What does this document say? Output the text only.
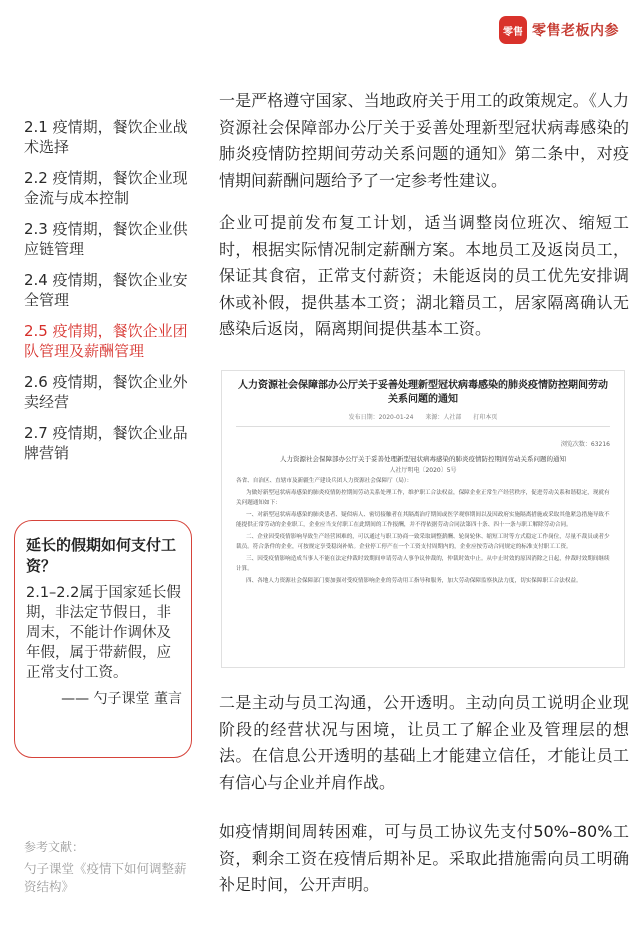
零售 零售老板内参
2.1 疫情期，餐饮企业战术选择
2.2 疫情期，餐饮企业现金流与成本控制
2.3 疫情期，餐饮企业供应链管理
2.4 疫情期，餐饮企业安全管理
2.5 疫情期，餐饮企业团队管理及薪酬管理
2.6 疫情期，餐饮企业外卖经营
2.7 疫情期，餐饮企业品牌营销
延长的假期如何支付工资？
2.1–2.2属于国家延长假期，非法定节假日，非周末，不能计作调休及年假，属于带薪假，应正常支付工资。
—— 勺子课堂 董言
参考文献：
勺子课堂《疫情下如何调整薪资结构》
一是严格遵守国家、当地政府关于用工的政策规定。《人力资源社会保障部办公厅关于妥善处理新型冠状病毒感染的肺炎疫情防控期间劳动关系问题的通知》第二条中，对疫情期间薪酬问题给予了一定参考性建议。
企业可提前发布复工计划，适当调整岗位班次、缩短工时，根据实际情况制定薪酬方案。本地员工及返岗员工，保证其食宿，正常支付薪资；未能返岗的员工优先安排调休或补假，提供基本工资；湖北籍员工，居家隔离确认无感染后返岗，隔离期间提供基本工资。
人力资源社会保障部办公厅关于妥善处理新型冠状病毒感染的肺炎疫情防控期间劳动关系问题的通知
发布日期：2020-01-24　　来源：人社部　　打印本页
浏览次数：63216
人力资源社会保障部办公厅关于妥善处理新型冠状病毒感染的肺炎疫情防控期间劳动关系问题的通知
人社厅明电〔2020〕5号
各省、自治区、直辖市及新疆生产建设兵团人力资源社会保障厅（局）：
为做好新型冠状病毒感染的肺炎疫情防控期间劳动关系处理工作，维护职工合法权益，保障企业正常生产经营秩序，促进劳动关系和谐稳定，现就有关问题通知如下：
一、对新型冠状病毒感染的肺炎患者、疑似病人、密切接触者在其隔离治疗期间或医学观察期间以及因政府实施隔离措施或采取其他紧急措施导致不能提供正常劳动的企业职工，企业应当支付职工在此期间的工作报酬，并不得依据劳动合同法第四十条、四十一条与职工解除劳动合同。
二、企业因受疫情影响导致生产经营困难的，可以通过与职工协商一致采取调整薪酬、轮岗轮休、缩短工时等方式稳定工作岗位，尽量不裁员或者少裁员。符合条件的企业，可按规定享受稳岗补贴。企业停工停产在一个工资支付周期内的，企业应按劳动合同规定的标准支付职工工资。
三、因受疫情影响造成当事人不能在法定仲裁时效期间申请劳动人事争议仲裁的，仲裁时效中止。从中止时效的原因消除之日起，仲裁时效期间继续计算。
四、各地人力资源社会保障部门要加强对受疫情影响企业的劳动用工指导和服务，加大劳动保障监察执法力度，切实保障职工合法权益。
二是主动与员工沟通，公开透明。主动向员工说明企业现阶段的经营状况与困境，让员工了解企业及管理层的想法。在信息公开透明的基础上才能建立信任，才能让员工有信心与企业并肩作战。
如疫情期间周转困难，可与员工协议先支付50%–80%工资，剩余工资在疫情后期补足。采取此措施需向员工明确补足时间，公开声明。
